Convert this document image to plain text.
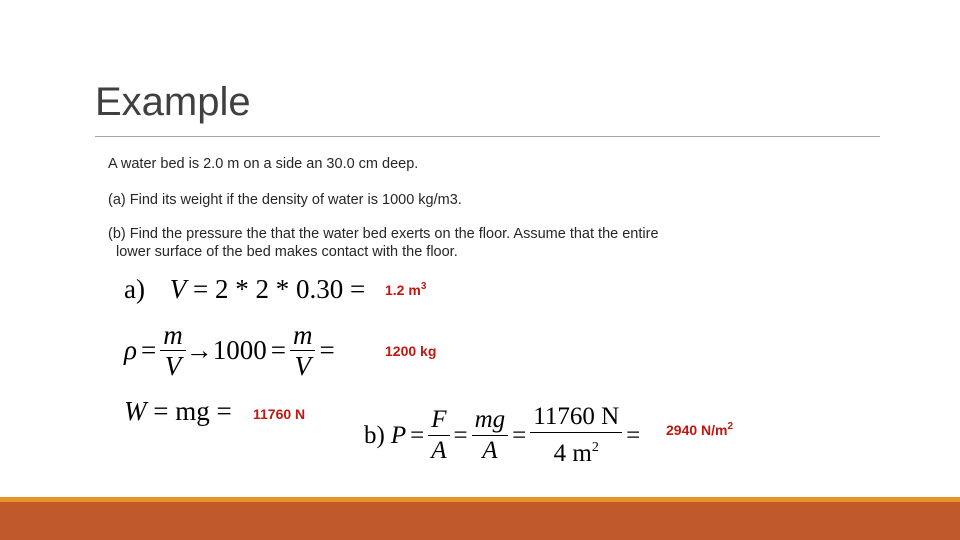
Example
A water bed is 2.0 m on a side an 30.0 cm deep.
(a) Find its weight if the density of water is 1000 kg/m3.
(b) Find the pressure the that the water bed exerts on the floor. Assume that the entire
lower surface of the bed makes contact with the floor.
a) V = 2 * 2 * 0.30 = 1.2 $m^3$
$\rho = \frac{m}{V} \to 1000 = \frac{m}{V}$ =	1200 kg
W = mg = 11760 N
b) $P = \frac{F}{A} = \frac{mg}{A} = \frac{11760 N}{4 m^2} = 2940$ $N/m^2$
